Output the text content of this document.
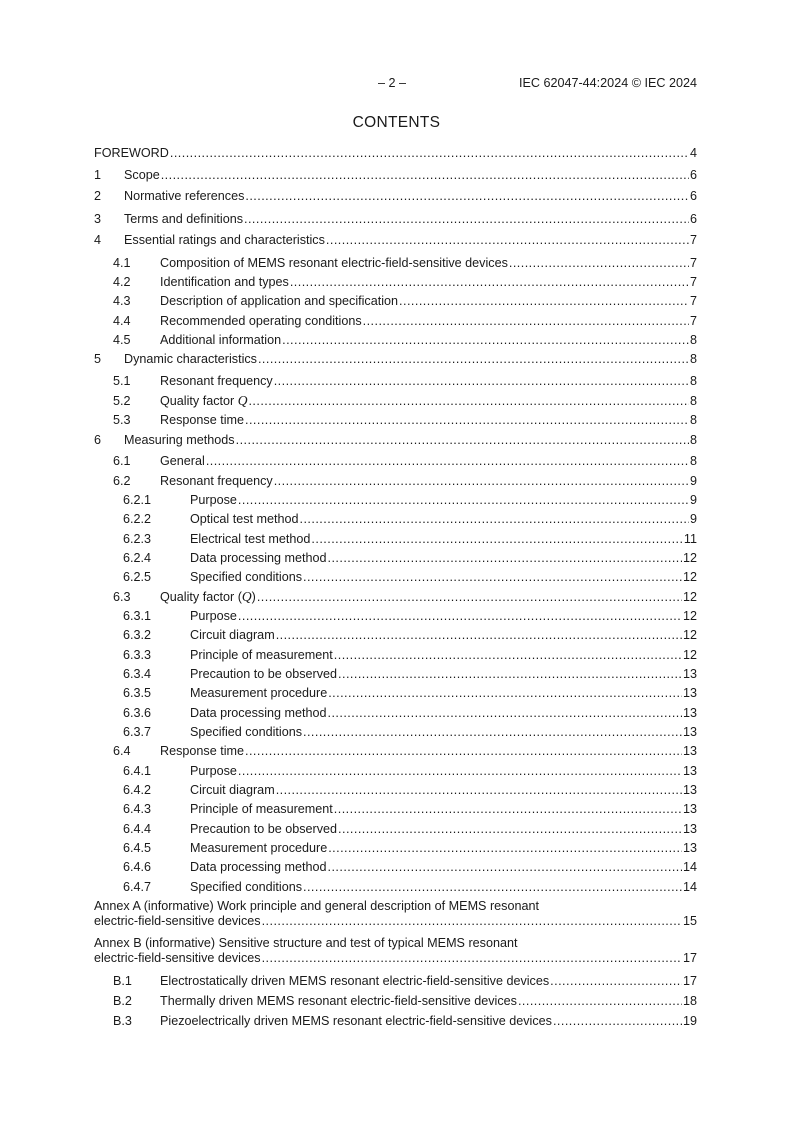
– 2 –	IEC 62047-44:2024 © IEC 2024
CONTENTS
FOREWORD . . .	4
1 Scope . . .	6
2 Normative references . . .	6
3 Terms and definitions . . .	6
4 Essential ratings and characteristics . . .	7
4.1 Composition of MEMS resonant electric-field-sensitive devices . . .	7
4.2 Identification and types . . .	7
4.3 Description of application and specification . . .	7
4.4 Recommended operating conditions . . .	7
4.5 Additional information . . .	8
5 Dynamic characteristics . . .	8
5.1 Resonant frequency . . .	8
5.2 Quality factor Q . . .	8
5.3 Response time . . .	8
6 Measuring methods . . .	8
6.1 General . . .	8
6.2 Resonant frequency . . .	9
6.2.1	Purpose . . .	9
6.2.2	Optical test method . . .	9
6.2.3	Electrical test method . . .	11
6.2.4	Data processing method . . .	12
6.2.5	Specified conditions . . .	12
6.3 Quality factor (Q) . . .	12
6.3.1	Purpose . . .	12
6.3.2	Circuit diagram . . .	12
6.3.3	Principle of measurement . . .	12
6.3.4	Precaution to be observed . . .	13
6.3.5	Measurement procedure . . .	13
6.3.6	Data processing method . . .	13
6.3.7	Specified conditions . . .	13
6.4 Response time . . .	13
6.4.1	Purpose . . .	13
6.4.2	Circuit diagram . . .	13
6.4.3	Principle of measurement . . .	13
6.4.4	Precaution to be observed . . .	13
6.4.5	Measurement procedure . . .	13
6.4.6	Data processing method . . .	14
6.4.7	Specified conditions . . .	14
Annex A (informative) Work principle and general description of MEMS resonant
electric-field-sensitive devices . . .	15
Annex B (informative) Sensitive structure and test of typical MEMS resonant
electric-field-sensitive devices . . .	17
B.1 Electrostatically driven MEMS resonant electric-field-sensitive devices . . .	17
B.2 Thermally driven MEMS resonant electric-field-sensitive devices . . .	18
B.3 Piezoelectrically driven MEMS resonant electric-field-sensitive devices . . .	19
